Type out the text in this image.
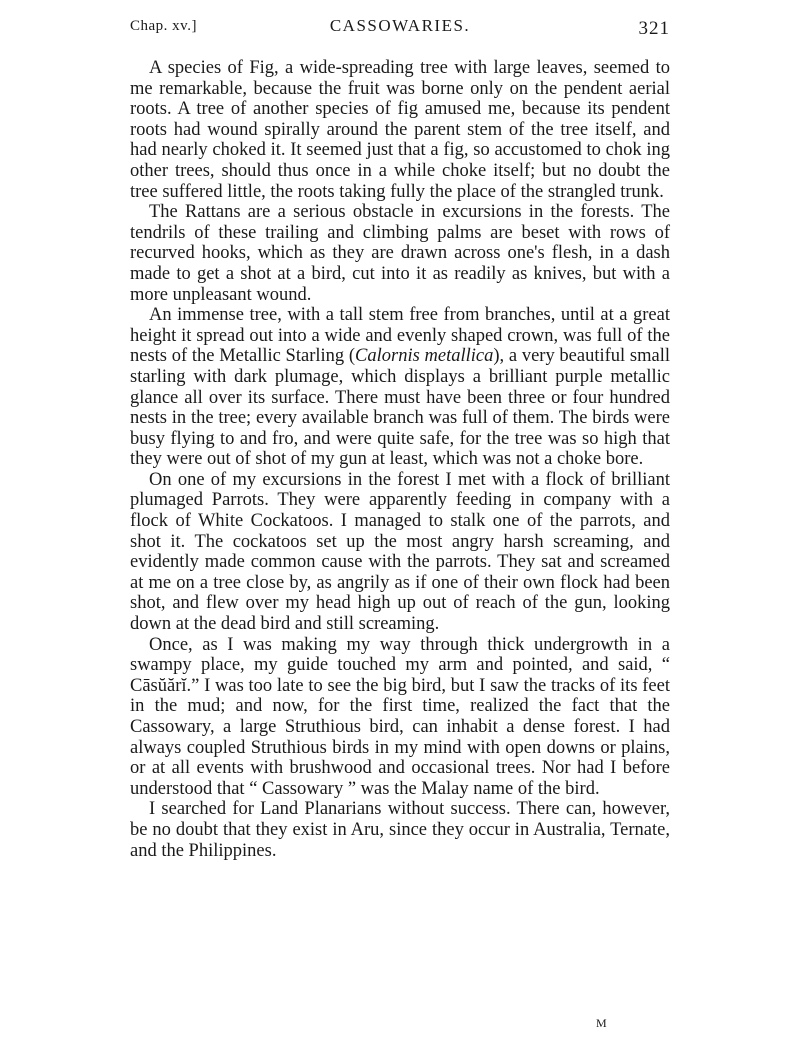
Chap. xv.]	CASSOWARIES.	321

A species of Fig, a wide-spreading tree with large leaves, seemed to me remarkable, because the fruit was borne only on the pendent aerial roots. A tree of another species of fig amused me, because its pendent roots had wound spirally around the parent stem of the tree itself, and had nearly choked it. It seemed just that a fig, so accustomed to chok ing other trees, should thus once in a while choke itself; but no doubt the tree suffered little, the roots taking fully the place of the strangled trunk.

The Rattans are a serious obstacle in excursions in the forests. The tendrils of these trailing and climbing palms are beset with rows of recurved hooks, which as they are drawn across one's flesh, in a dash made to get a shot at a bird, cut into it as readily as knives, but with a more unpleasant wound.

An immense tree, with a tall stem free from branches, until at a great height it spread out into a wide and evenly shaped crown, was full of the nests of the Metallic Starling (Calornis metallica), a very beautiful small starling with dark plumage, which displays a brilliant purple metallic glance all over its surface. There must have been three or four hundred nests in the tree; every available branch was full of them. The birds were busy flying to and fro, and were quite safe, for the tree was so high that they were out of shot of my gun at least, which was not a choke bore.

On one of my excursions in the forest I met with a flock of brilliant plumaged Parrots. They were apparently feeding in company with a flock of White Cockatoos. I managed to stalk one of the parrots, and shot it. The cockatoos set up the most angry harsh screaming, and evidently made common cause with the parrots. They sat and screamed at me on a tree close by, as angrily as if one of their own flock had been shot, and flew over my head high up out of reach of the gun, looking down at the dead bird and still screaming.

Once, as I was making my way through thick undergrowth in a swampy place, my guide touched my arm and pointed, and said, “ Cāsŭărĭ.” I was too late to see the big bird, but I saw the tracks of its feet in the mud; and now, for the first time, realized the fact that the Cassowary, a large Struthious bird, can inhabit a dense forest. I had always coupled Struthious birds in my mind with open downs or plains, or at all events with brushwood and occasional trees. Nor had I before understood that “ Cassowary ” was the Malay name of the bird.

I searched for Land Planarians without success. There can, however, be no doubt that they exist in Aru, since they occur in Australia, Ternate, and the Philippines.

M
